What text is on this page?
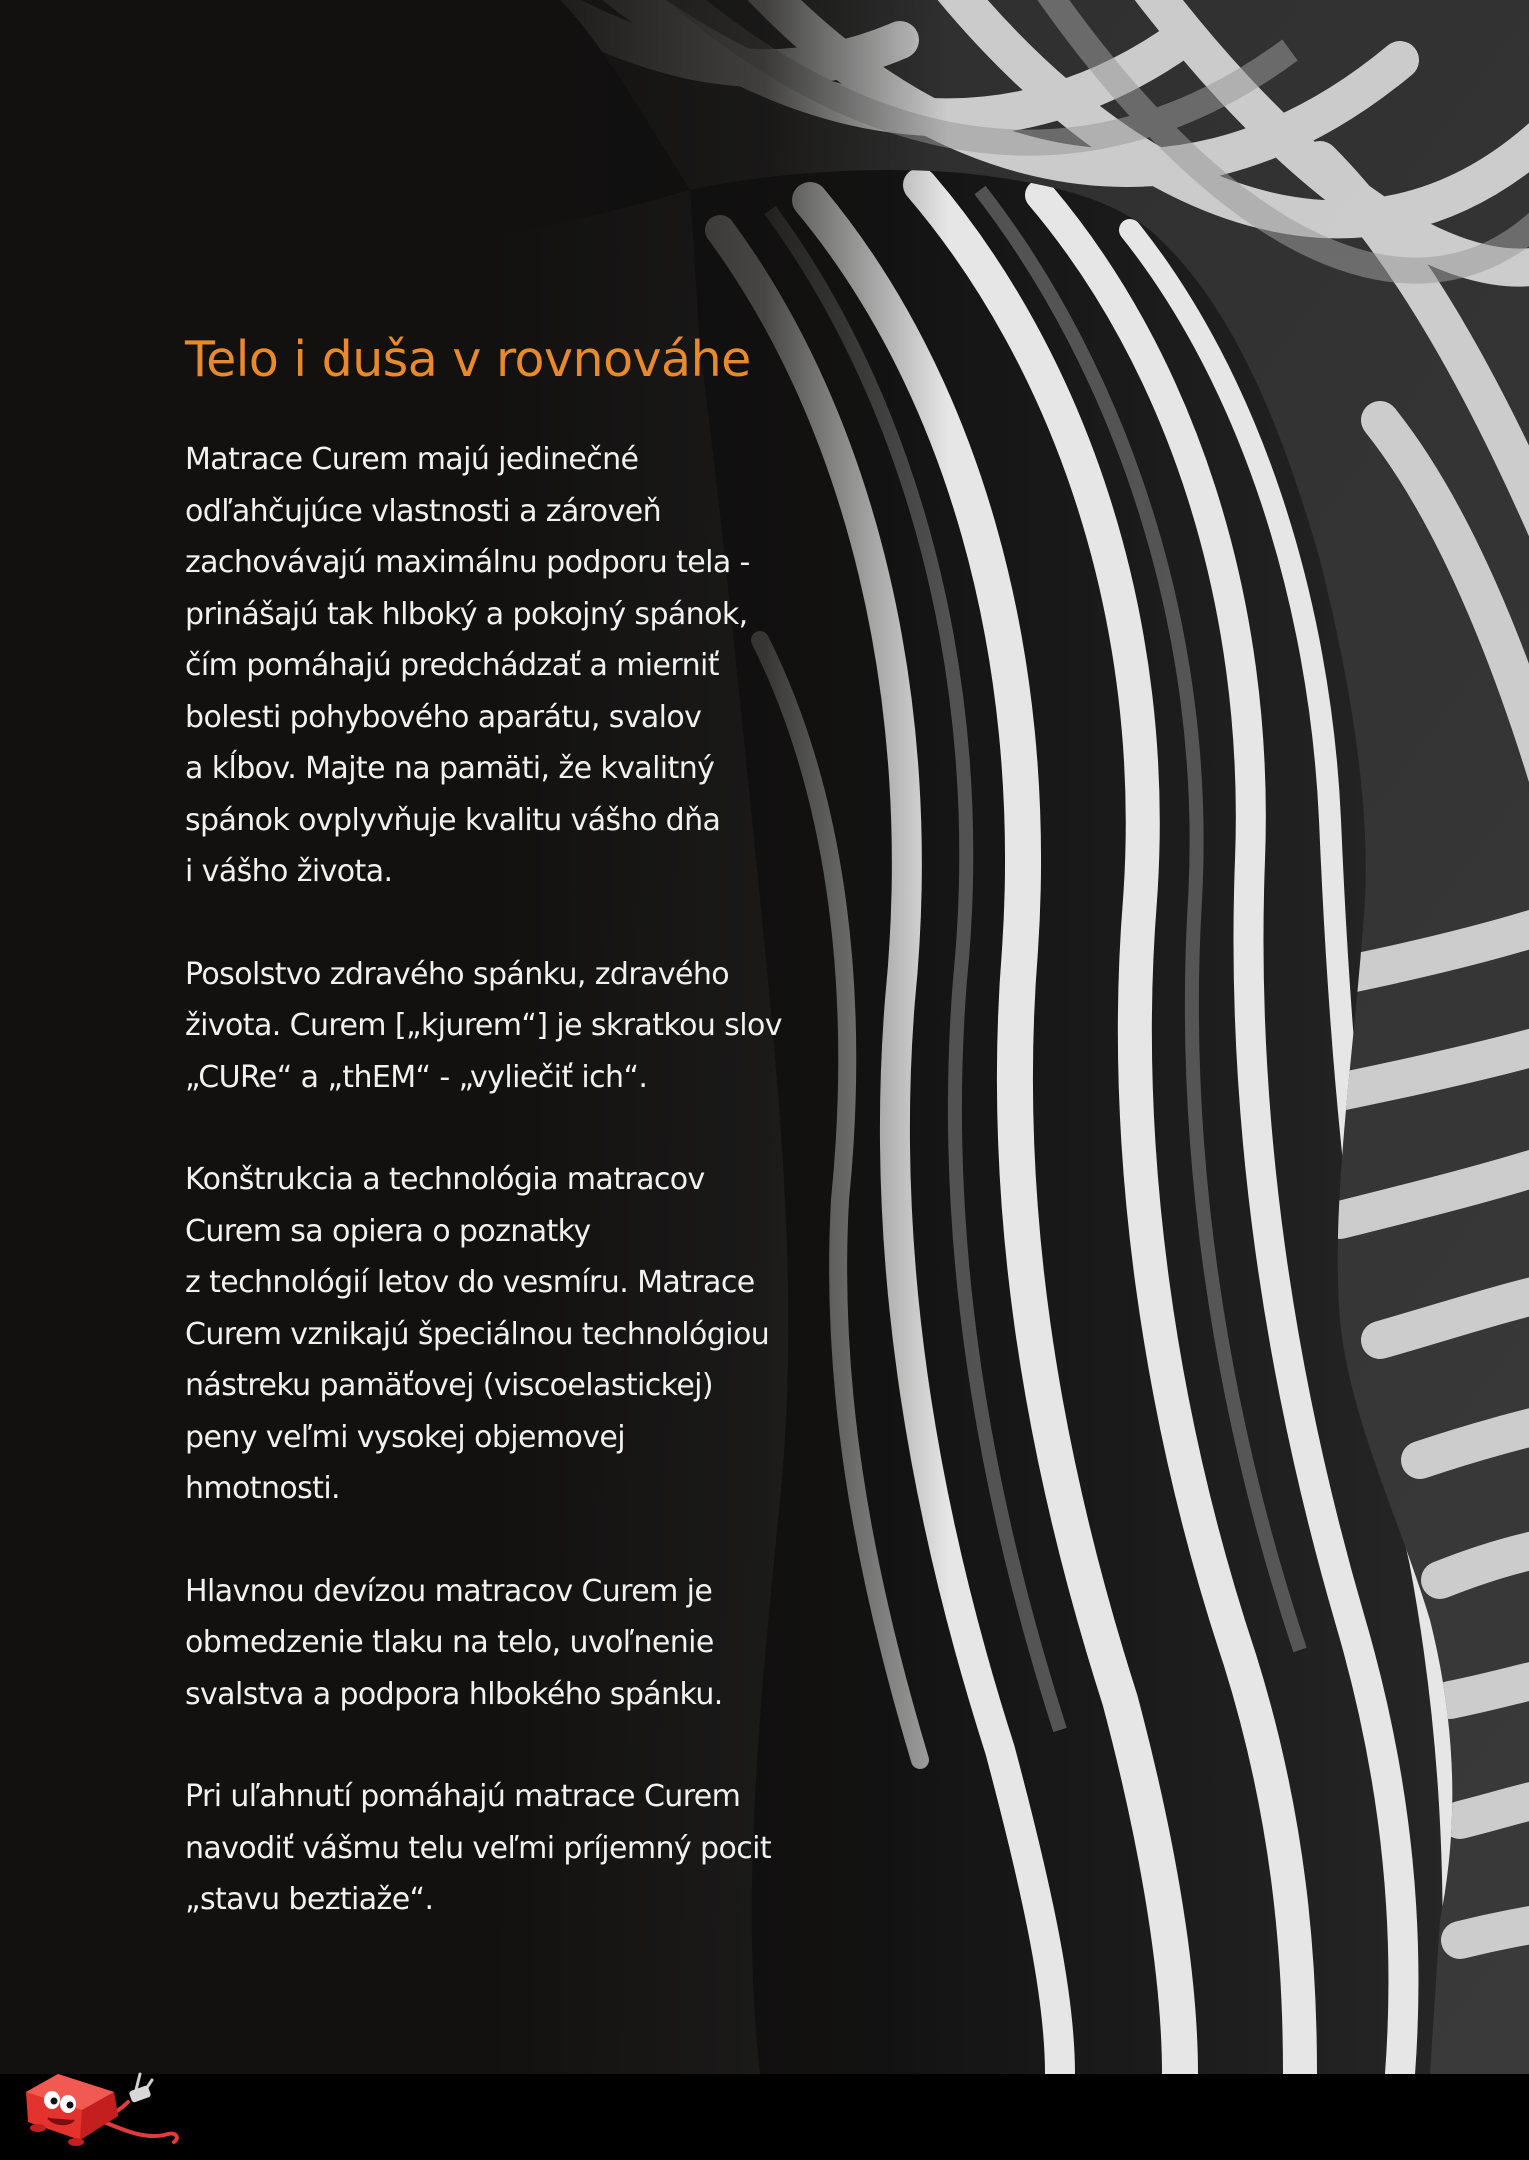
Telo i duša v rovnováhe

Matrace Curem majú jedinečné
odľahčujúce vlastnosti a zároveň
zachovávajú maximálnu podporu tela -
prinášajú tak hlboký a pokojný spánok,
čím pomáhajú predchádzať a mierniť
bolesti pohybového aparátu, svalov
a kĺbov. Majte na pamäti, že kvalitný
spánok ovplyvňuje kvalitu vášho dňa
i vášho života.

Posolstvo zdravého spánku, zdravého
života. Curem [„kjurem“] je skratkou slov
„CURe“ a „thEM“ - „vyliečiť ich“.

Konštrukcia a technológia matracov
Curem sa opiera o poznatky
z technológií letov do vesmíru. Matrace
Curem vznikajú špeciálnou technológiou
nástreku pamäťovej (viscoelastickej)
peny veľmi vysokej objemovej
hmotnosti.

Hlavnou devízou matracov Curem je
obmedzenie tlaku na telo, uvoľnenie
svalstva a podpora hlbokého spánku.

Pri uľahnutí pomáhajú matrace Curem
navodiť vášmu telu veľmi príjemný pocit
„stavu beztiaže“.
